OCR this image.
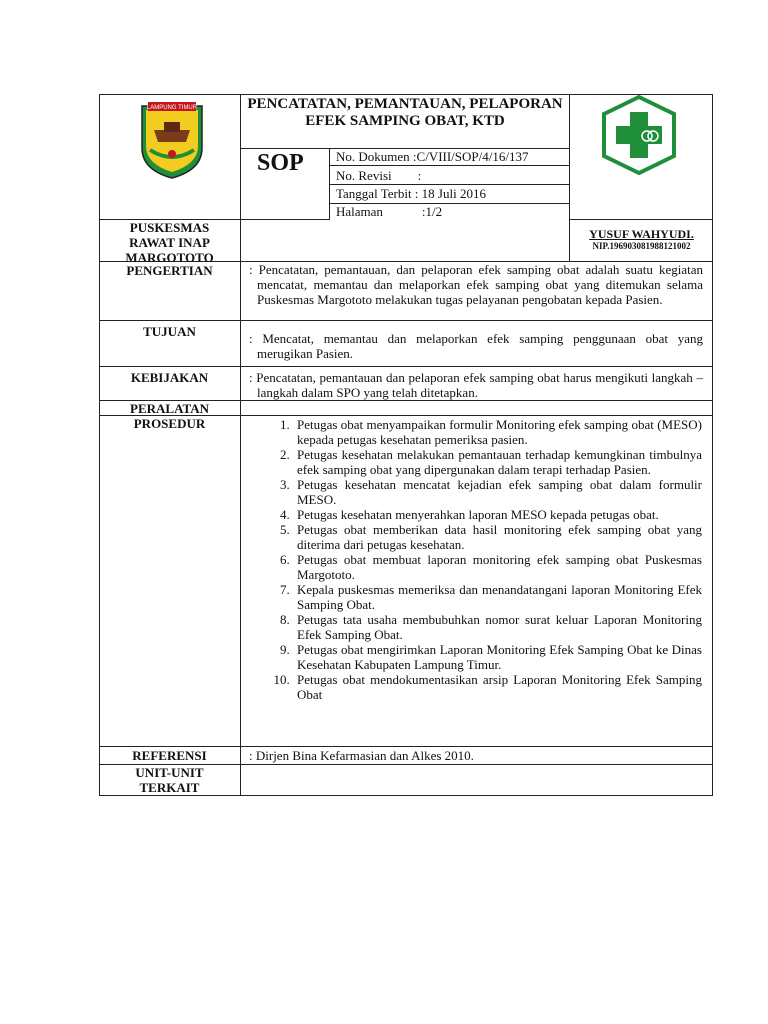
LAMPUNG TIMUR	PENCATATAN, PEMANTAUAN, PELAPORAN EFEK SAMPING OBAT, KTD
SOP	No. Dokumen :C/VIII/SOP/4/16/137
No. Revisi        :
Tanggal Terbit : 18 Juli 2016
Halaman            :1/2
PUSKESMAS RAWAT INAP MARGOTOTO
YUSUF WAHYUDI.
NIP.196903081988121002
PENGERTIAN	: Pencatatan, pemantauan, dan pelaporan efek samping obat adalah suatu kegiatan mencatat, memantau dan melaporkan efek samping obat yang ditemukan selama Puskesmas Margototo melakukan tugas pelayanan pengobatan kepada Pasien.
TUJUAN	: Mencatat, memantau dan melaporkan efek samping penggunaan obat yang merugikan Pasien.
KEBIJAKAN	: Pencatatan, pemantauan dan pelaporan efek samping obat harus mengikuti langkah – langkah dalam SPO yang telah ditetapkan.
PERALATAN
PROSEDUR
1.	Petugas obat menyampaikan formulir Monitoring efek samping obat (MESO) kepada petugas kesehatan pemeriksa pasien.
2. Petugas kesehatan melakukan pemantauan terhadap kemungkinan timbulnya efek samping obat yang dipergunakan dalam terapi terhadap Pasien.
3. Petugas kesehatan mencatat kejadian efek samping obat dalam formulir MESO.
4. Petugas kesehatan menyerahkan laporan MESO kepada petugas obat.
5. Petugas obat memberikan data hasil monitoring efek samping obat yang diterima dari petugas kesehatan.
6. Petugas obat membuat laporan monitoring efek samping obat Puskesmas Margototo.
7. Kepala puskesmas memeriksa dan menandatangani laporan Monitoring Efek Samping Obat.
8. Petugas tata usaha membubuhkan nomor surat keluar Laporan Monitoring Efek Samping Obat.
9. Petugas obat mengirimkan Laporan Monitoring Efek Samping Obat ke Dinas Kesehatan Kabupaten Lampung Timur.
10. Petugas obat mendokumentasikan arsip Laporan Monitoring Efek Samping Obat
REFERENSI	: Dirjen Bina Kefarmasian dan Alkes 2010.
UNIT-UNIT TERKAIT
